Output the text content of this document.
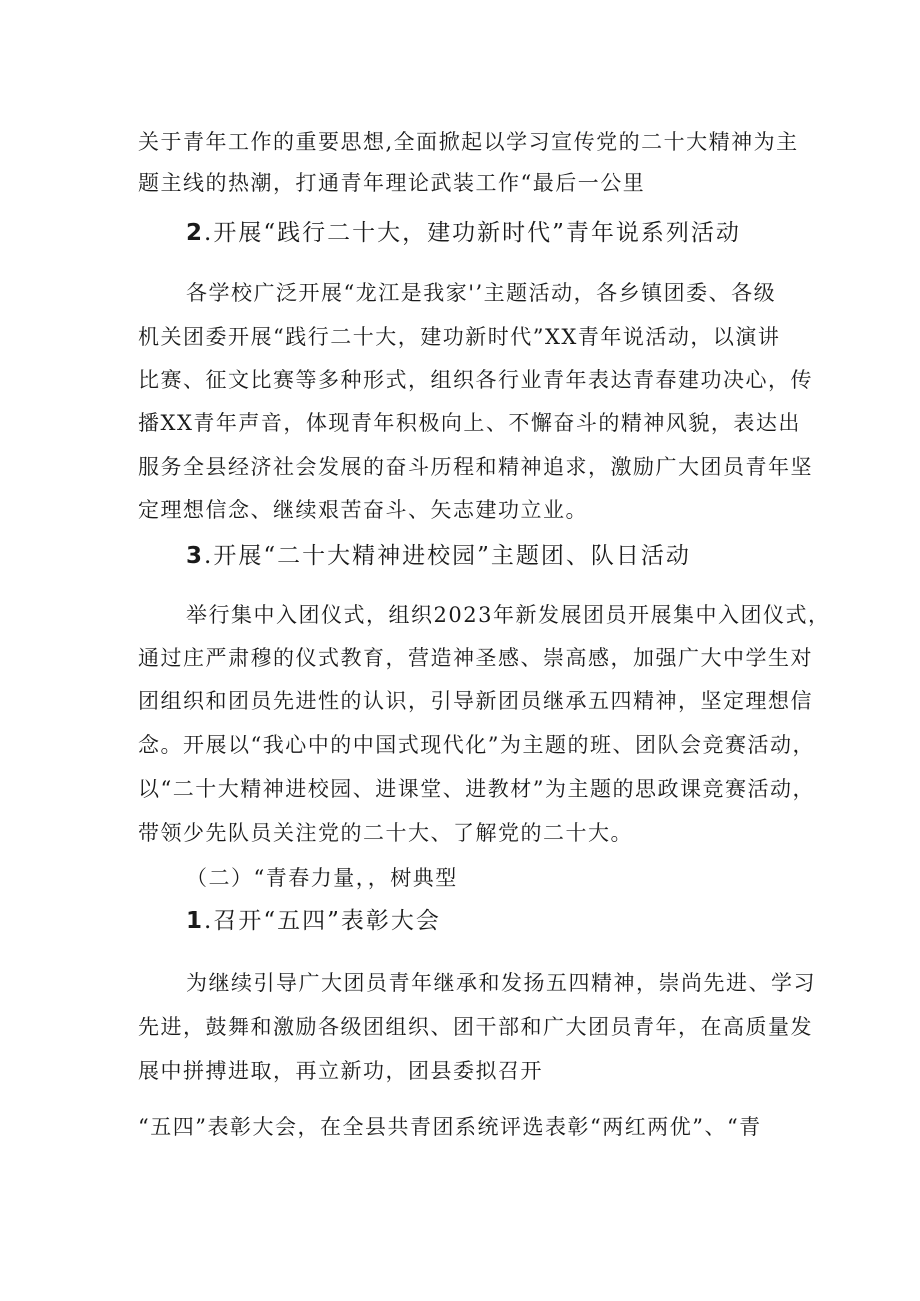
关于青年工作的重要思想,全面掀起以学习宣传党的二十大精神为主
题主线的热潮，打通青年理论武装工作“最后一公里
2.开展“践行二十大，建功新时代”青年说系列活动
各学校广泛开展“龙江是我家'’主题活动，各乡镇团委、各级
机关团委开展“践行二十大，建功新时代”XX青年说活动，以演讲
比赛、征文比赛等多种形式，组织各行业青年表达青春建功决心，传
播XX青年声音，体现青年积极向上、不懈奋斗的精神风貌，表达出
服务全县经济社会发展的奋斗历程和精神追求，激励广大团员青年坚
定理想信念、继续艰苦奋斗、矢志建功立业。
3.开展“二十大精神进校园”主题团、队日活动
举行集中入团仪式，组织2023年新发展团员开展集中入团仪式，
通过庄严肃穆的仪式教育，营造神圣感、崇高感，加强广大中学生对
团组织和团员先进性的认识，引导新团员继承五四精神，坚定理想信
念。开展以“我心中的中国式现代化”为主题的班、团队会竞赛活动，
以“二十大精神进校园、进课堂、进教材”为主题的思政课竞赛活动，
带领少先队员关注党的二十大、了解党的二十大。
（二）“青春力量，，树典型
1.召开“五四”表彰大会
为继续引导广大团员青年继承和发扬五四精神，崇尚先进、学习
先进，鼓舞和激励各级团组织、团干部和广大团员青年，在高质量发
展中拼搏进取，再立新功，团县委拟召开
“五四”表彰大会，在全县共青团系统评选表彰“两红两优”、“青
